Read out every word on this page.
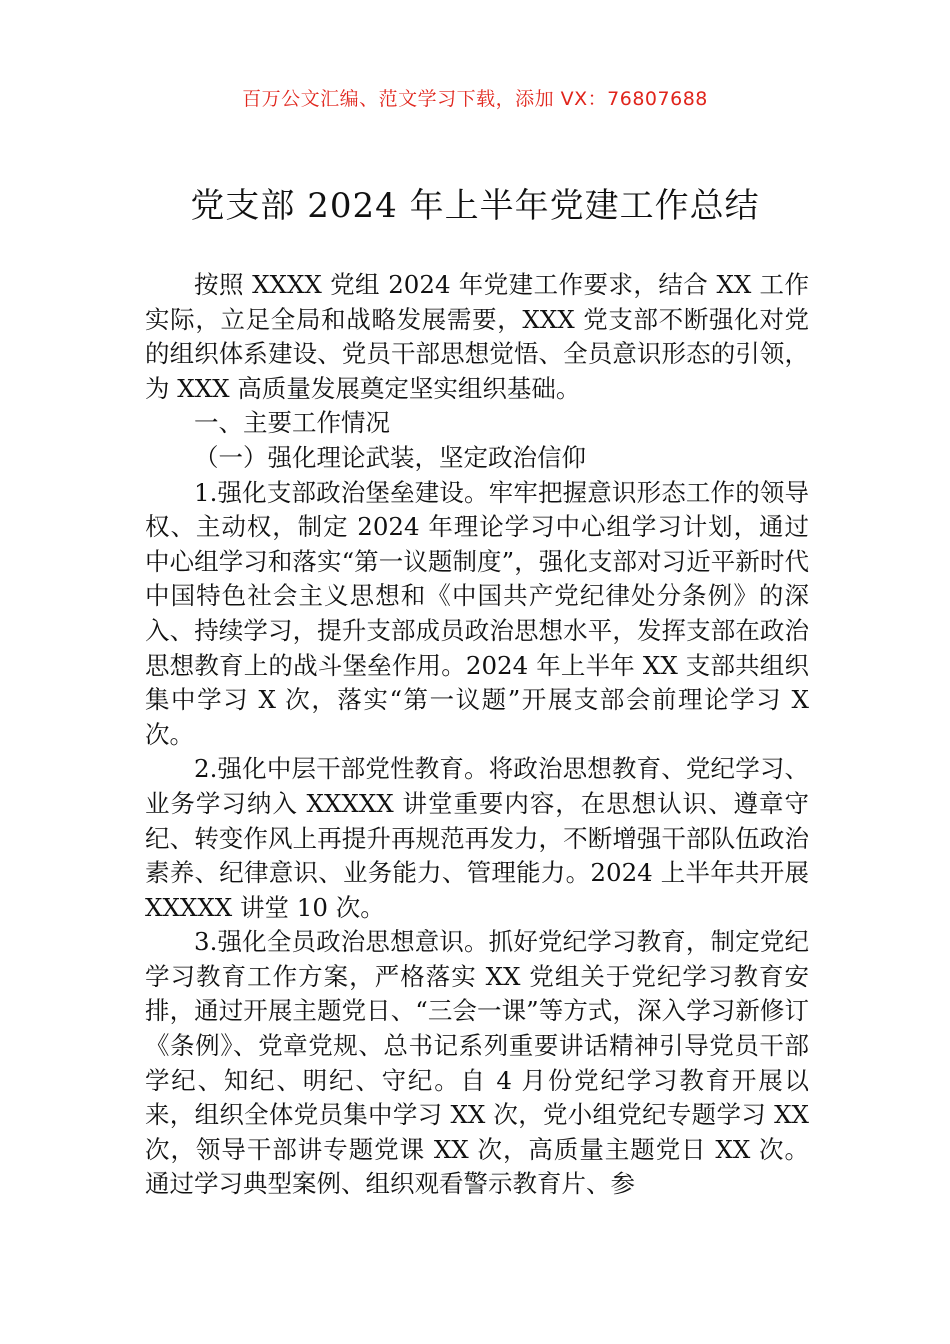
百万公文汇编、范文学习下载，添加 VX：76807688
党支部 2024 年上半年党建工作总结

按照 XXXX 党组 2024 年党建工作要求，结合 XX 工作实际，立足全局和战略发展需要，XXX 党支部不断强化对党的组织体系建设、党员干部思想觉悟、全员意识形态的引领，为 XXX 高质量发展奠定坚实组织基础。

一、主要工作情况

（一）强化理论武装，坚定政治信仰

1.强化支部政治堡垒建设。牢牢把握意识形态工作的领导权、主动权，制定 2024 年理论学习中心组学习计划，通过中心组学习和落实“第一议题制度”，强化支部对习近平新时代中国特色社会主义思想和《中国共产党纪律处分条例》的深入、持续学习，提升支部成员政治思想水平，发挥支部在政治思想教育上的战斗堡垒作用。2024 年上半年 XX 支部共组织集中学习 X 次，落实“第一议题”开展支部会前理论学习 X 次。

2.强化中层干部党性教育。将政治思想教育、党纪学习、业务学习纳入 XXXXX 讲堂重要内容，在思想认识、遵章守纪、转变作风上再提升再规范再发力，不断增强干部队伍政治素养、纪律意识、业务能力、管理能力。2024 上半年共开展 XXXXX 讲堂 10 次。

3.强化全员政治思想意识。抓好党纪学习教育，制定党纪学习教育工作方案，严格落实 XX 党组关于党纪学习教育安排，通过开展主题党日、“三会一课”等方式，深入学习新修订《条例》、党章党规、总书记系列重要讲话精神引导党员干部学纪、知纪、明纪、守纪。自 4 月份党纪学习教育开展以来，组织全体党员集中学习 XX 次，党小组党纪专题学习 XX 次，领导干部讲专题党课 XX 次，高质量主题党日 XX 次。通过学习典型案例、组织观看警示教育片、参
